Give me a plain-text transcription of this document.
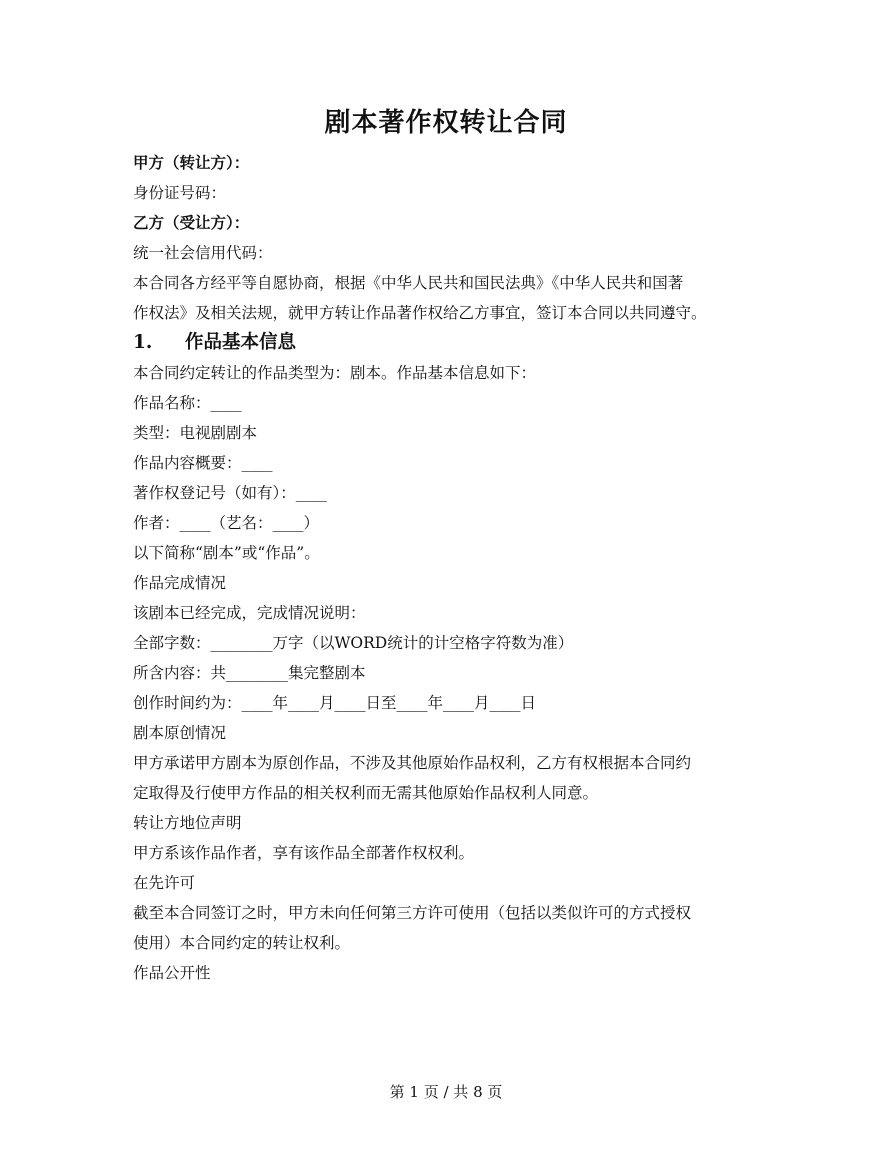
剧本著作权转让合同
甲方（转让方）：
身份证号码：
乙方（受让方）：
统一社会信用代码：
本合同各方经平等自愿协商，根据《中华人民共和国民法典》《中华人民共和国著
作权法》及相关法规，就甲方转让作品著作权给乙方事宜，签订本合同以共同遵守。
1.	作品基本信息
本合同约定转让的作品类型为：剧本。作品基本信息如下：
作品名称：____
类型：电视剧剧本
作品内容概要：____
著作权登记号（如有）：____
作者：____（艺名：____）
以下简称“剧本”或“作品”。
作品完成情况
该剧本已经完成，完成情况说明：
全部字数：________万字（以WORD统计的计空格字符数为准）
所含内容：共________集完整剧本
创作时间约为：____年____月____日至____年____月____日
剧本原创情况
甲方承诺甲方剧本为原创作品，不涉及其他原始作品权利，乙方有权根据本合同约
定取得及行使甲方作品的相关权利而无需其他原始作品权利人同意。
转让方地位声明
甲方系该作品作者，享有该作品全部著作权权利。
在先许可
截至本合同签订之时，甲方未向任何第三方许可使用（包括以类似许可的方式授权
使用）本合同约定的转让权利。
作品公开性
第 1 页 / 共 8 页
